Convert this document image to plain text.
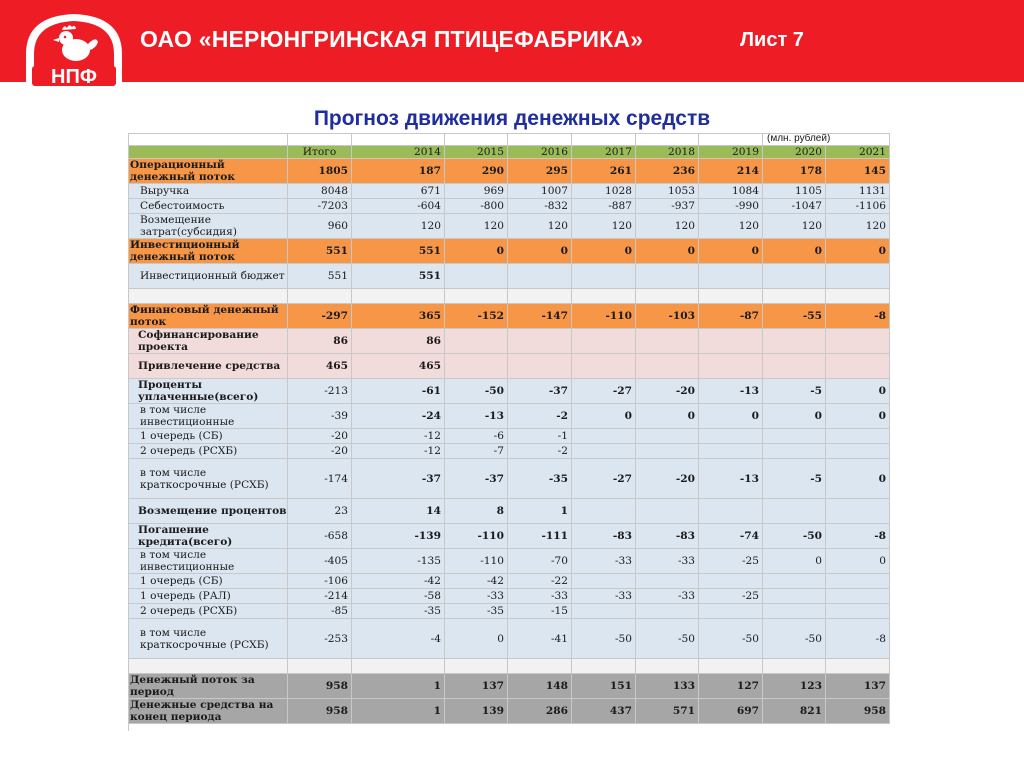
НПФ
ОАО «НЕРЮНГРИНСКАЯ ПТИЦЕФАБРИКА»	Лист 7
Прогноз движения денежных средств
(млн. рублей)
Итого	2014	2015	2016	2017	2018	2019	2020	2021
Операционный денежный поток	1805	187	290	295	261	236	214	178	145
Выручка	8048	671	969	1007	1028	1053	1084	1105	1131
Себестоимость	-7203	-604	-800	-832	-887	-937	-990	-1047	-1106
Возмещение затрат(субсидия)	960	120	120	120	120	120	120	120	120
Инвестиционный денежный поток	551	551	0	0	0	0	0	0	0
Инвестиционный бюджет	551	551
Финансовый денежный поток	-297	365	-152	-147	-110	-103	-87	-55	-8
Софинансирование проекта	86	86
Привлечение средства	465	465
Проценты уплаченные(всего)	-213	-61	-50	-37	-27	-20	-13	-5	0
в том числе инвестиционные	-39	-24	-13	-2	0	0	0	0	0
1 очередь (СБ)	-20	-12	-6	-1
2 очередь (РСХБ)	-20	-12	-7	-2
в том числе краткосрочные (РСХБ)	-174	-37	-37	-35	-27	-20	-13	-5	0
Возмещение процентов	23	14	8	1
Погашение кредита(всего)	-658	-139	-110	-111	-83	-83	-74	-50	-8
в том числе инвестиционные	-405	-135	-110	-70	-33	-33	-25	0	0
1 очередь (СБ)	-106	-42	-42	-22
1 очередь (РАЛ)	-214	-58	-33	-33	-33	-33	-25
2 очередь (РСХБ)	-85	-35	-35	-15
в том числе краткосрочные (РСХБ)	-253	-4	0	-41	-50	-50	-50	-50	-8
Денежный поток за период	958	1	137	148	151	133	127	123	137
Денежные средства на конец периода	958	1	139	286	437	571	697	821	958
